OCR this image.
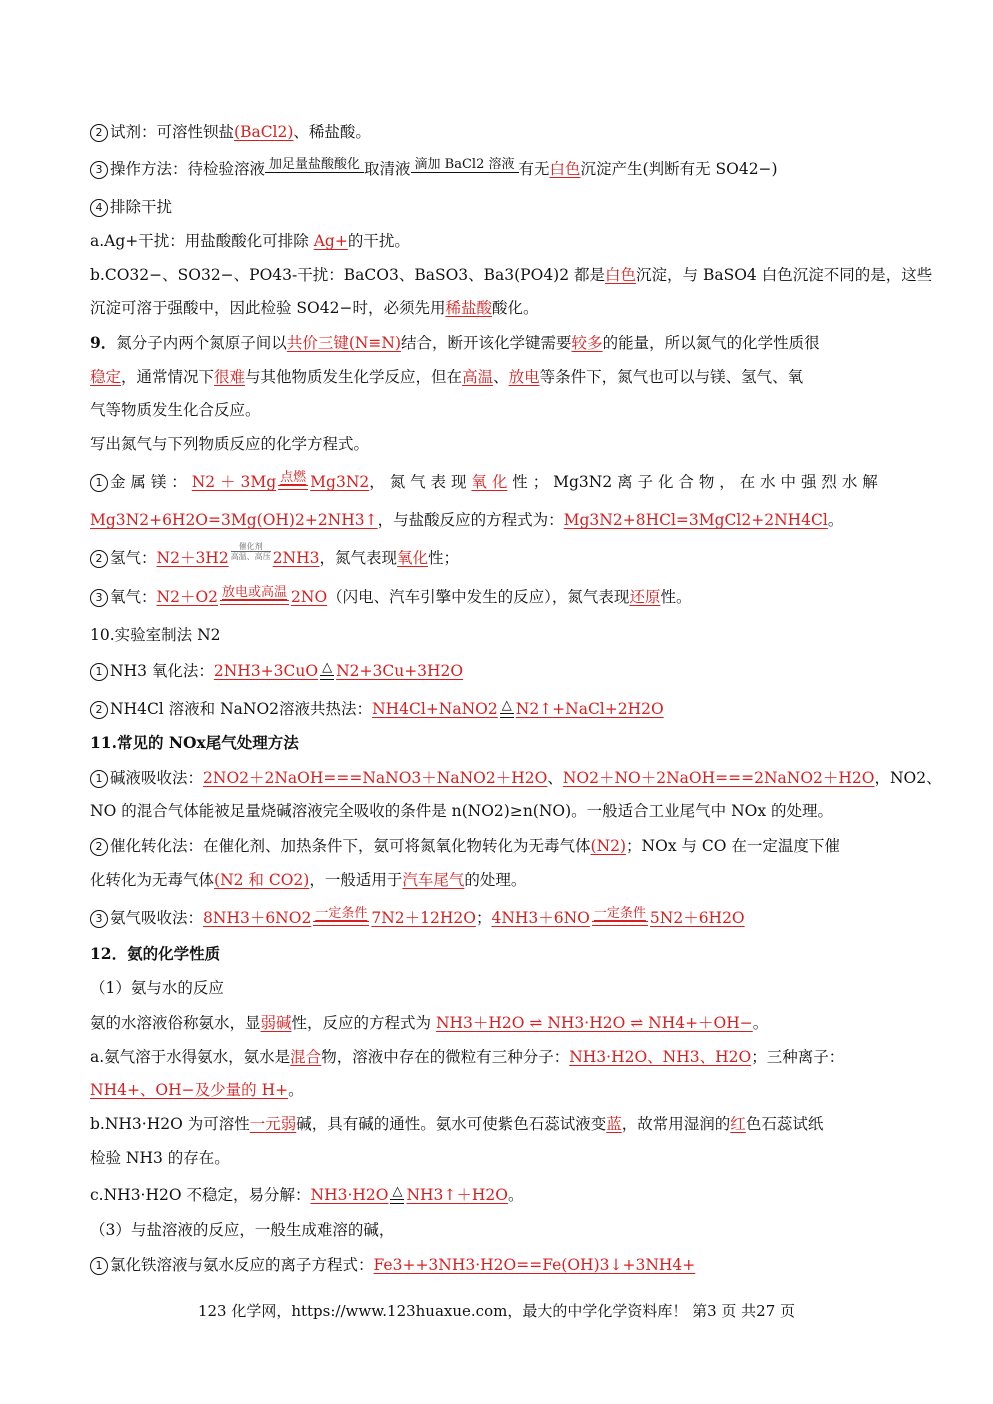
2 试剂：可溶性钡盐(BaCl2)、稀盐酸。
3 操作方法：待检验溶液 加足量盐酸酸化 取清液 滴加 BaCl2 溶液 有无白色沉淀产生(判断有无 SO42−)
4 排除干扰
a.Ag+干扰：用盐酸酸化可排除 Ag+的干扰。
b.CO32−、SO32−、PO43-干扰：BaCO3、BaSO3、Ba3(PO4)2 都是白色沉淀，与 BaSO4 白色沉淀不同的是，这些
沉淀可溶于强酸中，因此检验 SO42−时，必须先用稀盐酸酸化。
9．氮分子内两个氮原子间以共价三键(N≡N)结合，断开该化学键需要较多的能量，所以氮气的化学性质很
稳定，通常情况下很难与其他物质发生化学反应，但在高温、放电等条件下，氮气也可以与镁、氢气、氧
气等物质发生化合反应。
写出氮气与下列物质反应的化学方程式。
1 金 属 镁 ： N2 ＋ 3Mg 点燃 Mg3N2， 氮 气 表 现 氧 化 性 ； Mg3N2 离 子 化 合 物 ， 在 水 中 强 烈 水 解
Mg3N2+6H2O=3Mg(OH)2+2NH3↑，与盐酸反应的方程式为：Mg3N2+8HCl=3MgCl2+2NH4Cl。
2 氢气：N2＋3H2
催化剂
高温、高压 2NH3，氮气表现氧化性；
3 氧气：N2＋O2 放电或高温 2NO（闪电、汽车引擎中发生的反应），氮气表现还原性。
10.实验室制法 N2
1 NH3 氧化法：2NH3+3CuO △ N2+3Cu+3H2O
2 NH4Cl 溶液和 NaNO2溶液共热法：NH4Cl+NaNO2 △ N2↑+NaCl+2H2O
11.常见的 NOx尾气处理方法
1 碱液吸收法：2NO2＋2NaOH===NaNO3＋NaNO2＋H2O、NO2＋NO＋2NaOH===2NaNO2＋H2O，NO2、
NO 的混合气体能被足量烧碱溶液完全吸收的条件是 n(NO2)≥n(NO)。一般适合工业尾气中 NOx 的处理。
2 催化转化法：在催化剂、加热条件下，氨可将氮氧化物转化为无毒气体(N2)；NOx 与 CO 在一定温度下催
化转化为无毒气体(N2 和 CO2)，一般适用于汽车尾气的处理。
3 氨气吸收法：8NH3＋6NO2 一定条件 7N2＋12H2O；4NH3＋6NO 一定条件 5N2＋6H2O
12．氨的化学性质
（1）氨与水的反应
氨的水溶液俗称氨水，显弱碱性，反应的方程式为 NH3＋H2O ⇌ NH3·H2O ⇌ NH4+＋OH−。
a.氨气溶于水得氨水，氨水是混合物，溶液中存在的微粒有三种分子：NH3·H2O、NH3、H2O；三种离子：
NH4+、OH−及少量的 H+。
b.NH3·H2O 为可溶性一元弱碱，具有碱的通性。氨水可使紫色石蕊试液变蓝，故常用湿润的红色石蕊试纸
检验 NH3 的存在。
c.NH3·H2O 不稳定，易分解：NH3·H2O △ NH3↑＋H2O。
（3）与盐溶液的反应，一般生成难溶的碱，
1 氯化铁溶液与氨水反应的离子方程式：Fe3++3NH3·H2O==Fe(OH)3↓+3NH4+
123 化学网，https://www.123huaxue.com，最大的中学化学资料库！ 第3 页 共27 页
